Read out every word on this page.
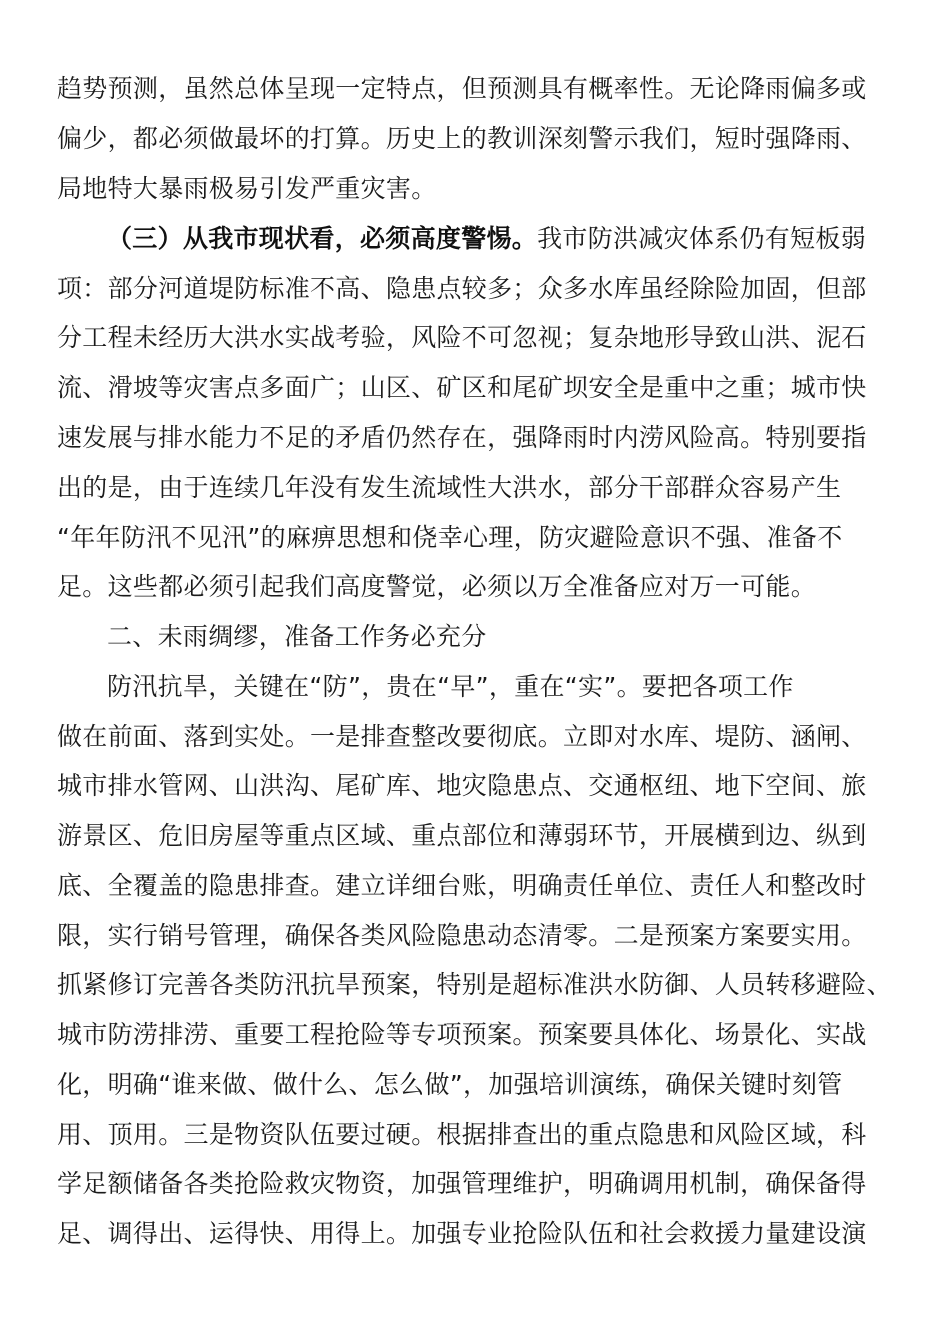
趋势预测，虽然总体呈现一定特点，但预测具有概率性。无论降雨偏多或
偏少，都必须做最坏的打算。历史上的教训深刻警示我们，短时强降雨、
局地特大暴雨极易引发严重灾害。
（三）从我市现状看，必须高度警惕。我市防洪减灾体系仍有短板弱
项：部分河道堤防标准不高、隐患点较多；众多水库虽经除险加固，但部
分工程未经历大洪水实战考验，风险不可忽视；复杂地形导致山洪、泥石
流、滑坡等灾害点多面广；山区、矿区和尾矿坝安全是重中之重；城市快
速发展与排水能力不足的矛盾仍然存在，强降雨时内涝风险高。特别要指
出的是，由于连续几年没有发生流域性大洪水，部分干部群众容易产生
“年年防汛不见汛”的麻痹思想和侥幸心理，防灾避险意识不强、准备不
足。这些都必须引起我们高度警觉，必须以万全准备应对万一可能。
二、未雨绸缪，准备工作务必充分
防汛抗旱，关键在“防”，贵在“早”，重在“实”。要把各项工作
做在前面、落到实处。一是排查整改要彻底。立即对水库、堤防、涵闸、
城市排水管网、山洪沟、尾矿库、地灾隐患点、交通枢纽、地下空间、旅
游景区、危旧房屋等重点区域、重点部位和薄弱环节，开展横到边、纵到
底、全覆盖的隐患排查。建立详细台账，明确责任单位、责任人和整改时
限，实行销号管理，确保各类风险隐患动态清零。二是预案方案要实用。
抓紧修订完善各类防汛抗旱预案，特别是超标准洪水防御、人员转移避险、
城市防涝排涝、重要工程抢险等专项预案。预案要具体化、场景化、实战
化，明确“谁来做、做什么、怎么做”，加强培训演练，确保关键时刻管
用、顶用。三是物资队伍要过硬。根据排查出的重点隐患和风险区域，科
学足额储备各类抢险救灾物资，加强管理维护，明确调用机制，确保备得
足、调得出、运得快、用得上。加强专业抢险队伍和社会救援力量建设演
